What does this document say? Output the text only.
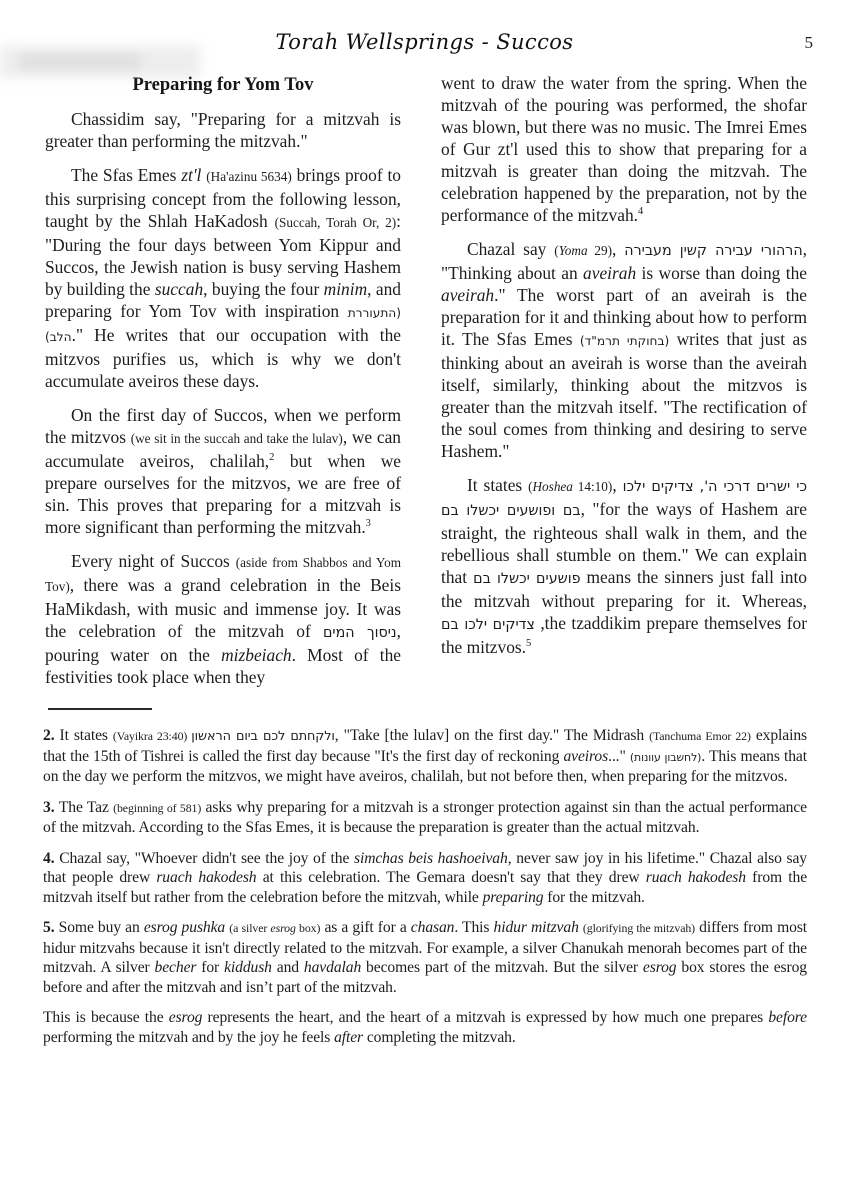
Torah Wellsprings - Succos	5
Preparing for Yom Tov

Chassidim say, "Preparing for a mitzvah is greater than performing the mitzvah."

The Sfas Emes zt'l (Ha'azinu 5634) brings proof to this surprising concept from the following lesson, taught by the Shlah HaKadosh (Succah, Torah Or, 2): "During the four days between Yom Kippur and Succos, the Jewish nation is busy serving Hashem by building the succah, buying the four minim, and preparing for Yom Tov with inspiration (התעוררת הלב)." He writes that our occupation with the mitzvos purifies us, which is why we don't accumulate aveiros these days.

On the first day of Succos, when we perform the mitzvos (we sit in the succah and take the lulav), we can accumulate aveiros, chalilah,$^2$ but when we prepare ourselves for the mitzvos, we are free of sin. This proves that preparing for a mitzvah is more significant than performing the mitzvah.$^3$

Every night of Succos (aside from Shabbos and Yom Tov), there was a grand celebration in the Beis HaMikdash, with music and immense joy. It was the celebration of the mitzvah of ניסוך המים, pouring water on the mizbeiach. Most of the festivities took place when they

went to draw the water from the spring. When the mitzvah of the pouring was performed, the shofar was blown, but there was no music. The Imrei Emes of Gur zt'l used this to show that preparing for a mitzvah is greater than doing the mitzvah. The celebration happened by the preparation, not by the performance of the mitzvah.$^4$

Chazal say (Yoma 29), הרהורי עבירה קשין מעבירה, "Thinking about an aveirah is worse than doing the aveirah." The worst part of an aveirah is the preparation for it and thinking about how to perform it. The Sfas Emes (בחוקתי תרמ"ד) writes that just as thinking about an aveirah is worse than the aveirah itself, similarly, thinking about the mitzvos is greater than the mitzvah itself. "The rectification of the soul comes from thinking and desiring to serve Hashem."

It states (Hoshea 14:10), כי ישרים דרכי ה', צדיקים ילכו בם ופושעים יכשלו בם, "for the ways of Hashem are straight, the righteous shall walk in them, and the rebellious shall stumble on them." We can explain that פושעים יכשלו בם means the sinners just fall into the mitzvah without preparing for it. Whereas, צדיקים ילכו בם ,the tzaddikim prepare themselves for the mitzvos.$^5$

2. It states (Vayikra 23:40) ולקחתם לכם ביום הראשון, "Take [the lulav] on the first day." The Midrash (Tanchuma Emor 22) explains that the 15th of Tishrei is called the first day because "It's the first day of reckoning aveiros..." (לחשבון עוונות). This means that on the day we perform the mitzvos, we might have aveiros, chalilah, but not before then, when preparing for the mitzvos.

3. The Taz (beginning of 581) asks why preparing for a mitzvah is a stronger protection against sin than the actual performance of the mitzvah. According to the Sfas Emes, it is because the preparation is greater than the actual mitzvah.

4. Chazal say, "Whoever didn't see the joy of the simchas beis hashoeivah, never saw joy in his lifetime." Chazal also say that people drew ruach hakodesh at this celebration. The Gemara doesn't say that they drew ruach hakodesh from the mitzvah itself but rather from the celebration before the mitzvah, while preparing for the mitzvah.

5. Some buy an esrog pushka (a silver esrog box) as a gift for a chasan. This hidur mitzvah (glorifying the mitzvah) differs from most hidur mitzvahs because it isn't directly related to the mitzvah. For example, a silver Chanukah menorah becomes part of the mitzvah. A silver becher for kiddush and havdalah becomes part of the mitzvah. But the silver esrog box stores the esrog before and after the mitzvah and isn’t part of the mitzvah.

This is because the esrog represents the heart, and the heart of a mitzvah is expressed by how much one prepares before performing the mitzvah and by the joy he feels after completing the mitzvah.
